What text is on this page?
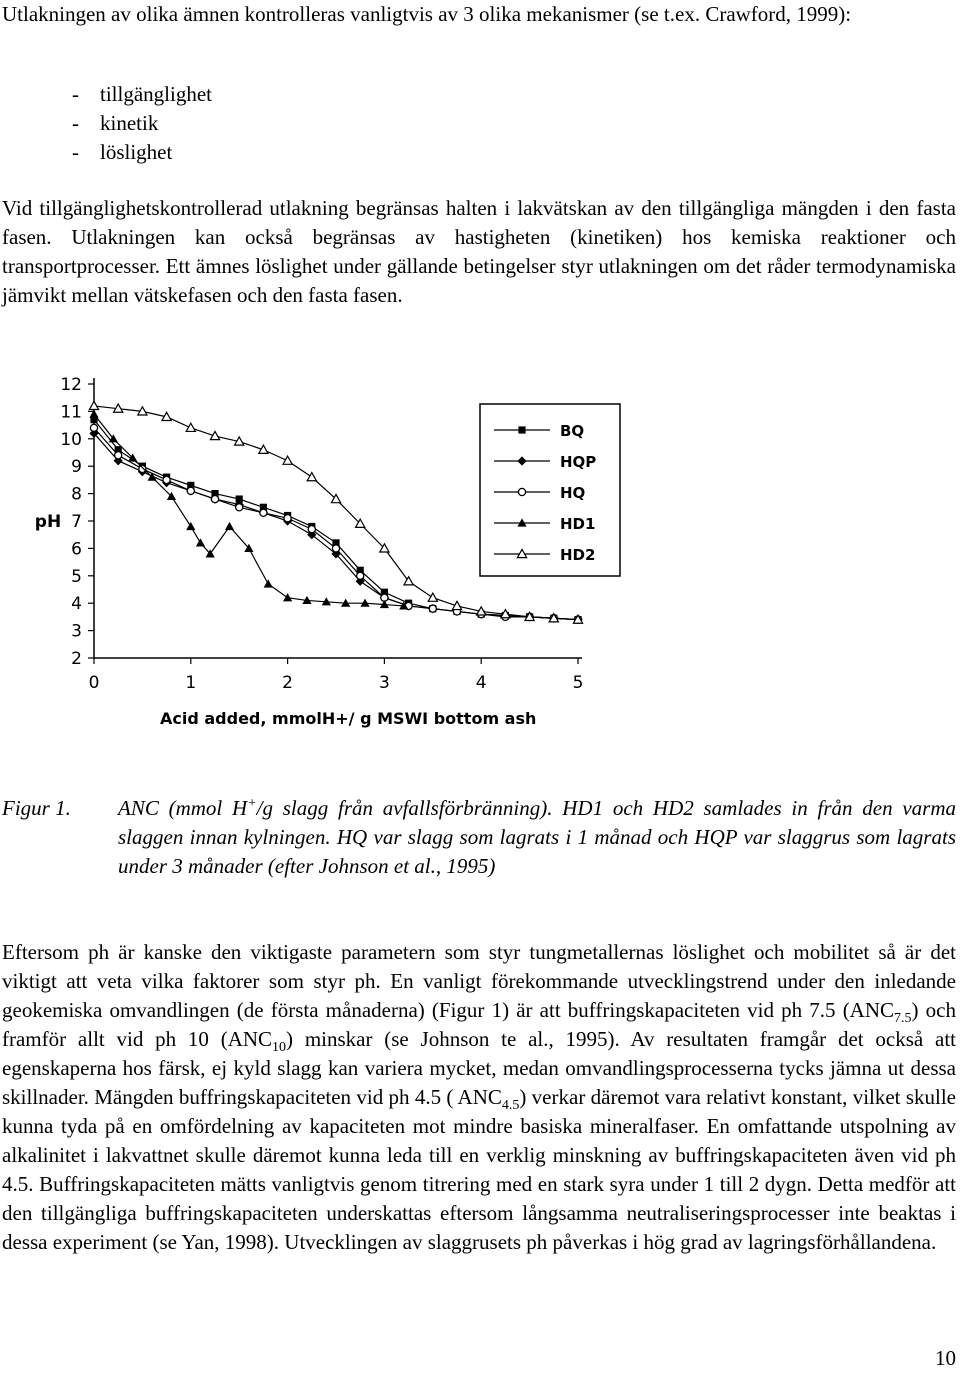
Utlakningen av olika ämnen kontrolleras vanligtvis av 3 olika mekanismer (se t.ex. Crawford, 1999):

-	tillgänglighet
-	kinetik
-	löslighet

Vid tillgänglighetskontrollerad utlakning begränsas halten i lakvätskan av den tillgängliga mängden i den fasta fasen. Utlakningen kan också begränsas av hastigheten (kinetiken) hos kemiska reaktioner och transportprocesser. Ett ämnes löslighet under gällande betingelser styr utlakningen om det råder termodynamiska jämvikt mellan vätskefasen och den fasta fasen.

2
3
4
5
6
7
8
9
10
11
12
0	1	2	3	4	5
pH
Acid added, mmolH+/ g MSWI bottom ash
BQ
HQP
HQ
HD1
HD2
Figur 1.	ANC (mmol H+/g slagg från avfallsförbränning). HD1 och HD2 samlades in från den varma slaggen innan kylningen. HQ var slagg som lagrats i 1 månad och HQP var slaggrus som lagrats under 3 månader (efter Johnson et al., 1995)

Eftersom ph är kanske den viktigaste parametern som styr tungmetallernas löslighet och mobilitet så är det viktigt att veta vilka faktorer som styr ph. En vanligt förekommande utvecklingstrend under den inledande geokemiska omvandlingen (de första månaderna) (Figur 1) är att buffringskapaciteten vid ph 7.5 $(ANC_{7.5})$ och framför allt vid ph 10 $(ANC_{10})$ minskar (se Johnson te al., 1995). Av resultaten framgår det också att egenskaperna hos färsk, ej kyld slagg kan variera mycket, medan omvandlingsprocesserna tycks jämna ut dessa skillnader. Mängden buffringskapaciteten vid ph 4.5 ( $ANC_{4.5}$) verkar däremot vara relativt konstant, vilket skulle kunna tyda på en omfördelning av kapaciteten mot mindre basiska mineralfaser. En omfattande utspolning av alkalinitet i lakvattnet skulle däremot kunna leda till en verklig minskning av buffringskapaciteten även vid ph 4.5. Buffringskapaciteten mätts vanligtvis genom titrering med en stark syra under 1 till 2 dygn. Detta medför att den tillgängliga buffringskapaciteten underskattas eftersom långsamma neutraliseringsprocesser inte beaktas i dessa experiment (se Yan, 1998). Utvecklingen av slaggrusets ph påverkas i hög grad av lagringsförhållandena.

10
